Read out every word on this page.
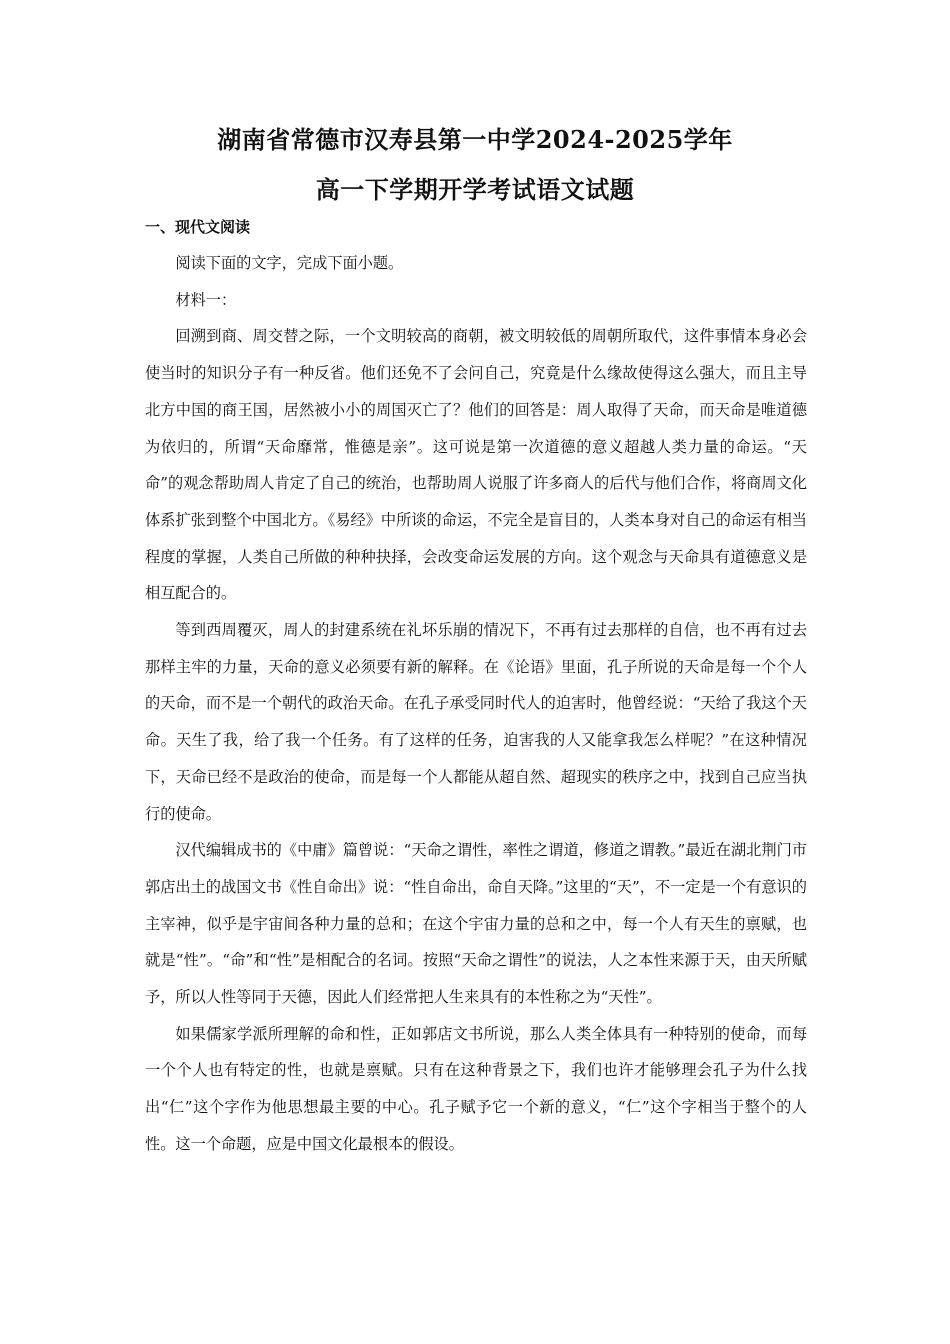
湖南省常德市汉寿县第一中学2024-2025学年
高一下学期开学考试语文试题
一、现代文阅读

阅读下面的文字，完成下面小题。

材料一：

回溯到商、周交替之际，一个文明较高的商朝，被文明较低的周朝所取代，这件事情本身必会使当时的知识分子有一种反省。他们还免不了会问自己，究竟是什么缘故使得这么强大，而且主导北方中国的商王国，居然被小小的周国灭亡了？他们的回答是：周人取得了天命，而天命是唯道德为依归的，所谓“天命靡常，惟德是亲”。这可说是第一次道德的意义超越人类力量的命运。“天命”的观念帮助周人肯定了自己的统治，也帮助周人说服了许多商人的后代与他们合作，将商周文化体系扩张到整个中国北方。《易经》中所谈的命运，不完全是盲目的，人类本身对自己的命运有相当程度的掌握，人类自己所做的种种抉择，会改变命运发展的方向。这个观念与天命具有道德意义是相互配合的。

等到西周覆灭，周人的封建系统在礼坏乐崩的情况下，不再有过去那样的自信，也不再有过去那样主牢的力量，天命的意义必须要有新的解释。在《论语》里面，孔子所说的天命是每一个个人的天命，而不是一个朝代的政治天命。在孔子承受同时代人的迫害时，他曾经说：“天给了我这个天命。天生了我，给了我一个任务。有了这样的任务，迫害我的人又能拿我怎么样呢？”在这种情况下，天命已经不是政治的使命，而是每一个人都能从超自然、超现实的秩序之中，找到自己应当执行的使命。

汉代编辑成书的《中庸》篇曾说：“天命之谓性，率性之谓道，修道之谓教。”最近在湖北荆门市郭店出土的战国文书《性自命出》说：“性自命出，命自天降。”这里的“天”，不一定是一个有意识的主宰神，似乎是宇宙间各种力量的总和；在这个宇宙力量的总和之中，每一个人有天生的禀赋，也就是“性”。“命”和“性”是相配合的名词。按照“天命之谓性”的说法，人之本性来源于天，由天所赋予，所以人性等同于天德，因此人们经常把人生来具有的本性称之为“天性”。

如果儒家学派所理解的命和性，正如郭店文书所说，那么人类全体具有一种特别的使命，而每一个个人也有特定的性，也就是禀赋。只有在这种背景之下，我们也许才能够理会孔子为什么找出“仁”这个字作为他思想最主要的中心。孔子赋予它一个新的意义，“仁”这个字相当于整个的人性。这一个命题，应是中国文化最根本的假设。
